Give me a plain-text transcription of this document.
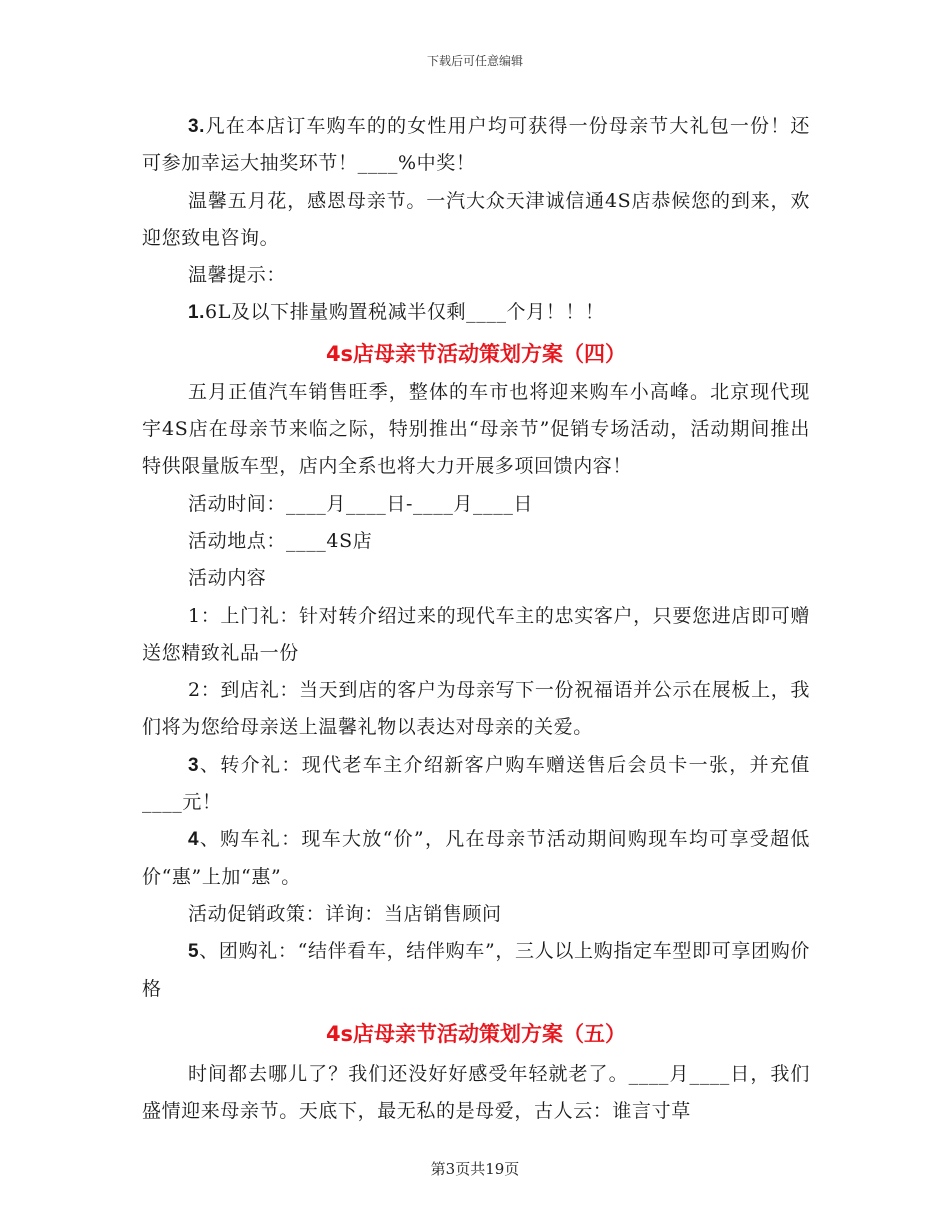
下载后可任意编辑

3.凡在本店订车购车的的女性用户均可获得一份母亲节大礼包一份！还可参加幸运大抽奖环节！____%中奖！

温馨五月花，感恩母亲节。一汽大众天津诚信通4S店恭候您的到来，欢迎您致电咨询。

温馨提示：

1.6L及以下排量购置税减半仅剩____个月！！！

4s店母亲节活动策划方案（四）

五月正值汽车销售旺季，整体的车市也将迎来购车小高峰。北京现代现宇4S店在母亲节来临之际，特别推出“母亲节”促销专场活动，活动期间推出特供限量版车型，店内全系也将大力开展多项回馈内容！

活动时间：____月____日-____月____日

活动地点：____4S店

活动内容

1：上门礼：针对转介绍过来的现代车主的忠实客户，只要您进店即可赠送您精致礼品一份

2：到店礼：当天到店的客户为母亲写下一份祝福语并公示在展板上，我们将为您给母亲送上温馨礼物以表达对母亲的关爱。

3、转介礼：现代老车主介绍新客户购车赠送售后会员卡一张，并充值____元！

4、购车礼：现车大放“价”，凡在母亲节活动期间购现车均可享受超低价“惠”上加“惠”。

活动促销政策：详询：当店销售顾问

5、团购礼：“结伴看车，结伴购车”，三人以上购指定车型即可享团购价格

4s店母亲节活动策划方案（五）

时间都去哪儿了？我们还没好好感受年轻就老了。____月____日，我们盛情迎来母亲节。天底下，最无私的是母爱，古人云：谁言寸草

第3页共19页
